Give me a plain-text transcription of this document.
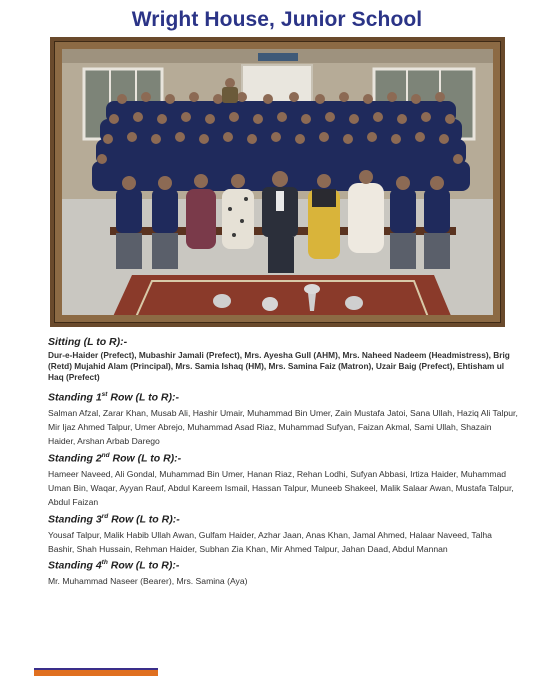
Wright House, Junior School

Sitting (L to R):-

Dur-e-Haider (Prefect), Mubashir Jamali (Prefect), Mrs. Ayesha Gull (AHM), Mrs. Naheed Nadeem (Headmistress), Brig (Retd) Mujahid Alam (Principal), Mrs. Samia Ishaq (HM), Mrs. Samina Faiz (Matron), Uzair Baig (Prefect), Ehtisham ul Haq (Prefect)

Standing 1st Row (L to R):-

Salman Afzal, Zarar Khan, Musab Ali, Hashir Umair, Muhammad Bin Umer, Zain Mustafa Jatoi, Sana Ullah, Haziq Ali Talpur, Mir Ijaz Ahmed Talpur, Umer Abrejo, Muhammad Asad Riaz, Muhammad Sufyan, Faizan Akmal, Sami Ullah, Shazain Haider, Arshan Arbab Darego

Standing 2nd Row (L to R):-

Hameer Naveed, Ali Gondal, Muhammad Bin Umer, Hanan Riaz, Rehan Lodhi, Sufyan Abbasi, Irtiza Haider, Muhammad Uman Bin, Waqar, Ayyan Rauf, Abdul Kareem Ismail, Hassan Talpur, Muneeb Shakeel, Malik Salaar Awan, Mustafa Talpur, Abdul Faizan

Standing 3rd Row (L to R):-

Yousaf Talpur, Malik Habib Ullah Awan, Gulfam Haider, Azhar Jaan, Anas Khan, Jamal Ahmed, Halaar Naveed, Talha Bashir, Shah Hussain, Rehman Haider, Subhan Zia Khan, Mir Ahmed Talpur, Jahan Daad, Abdul Mannan

Standing 4th Row (L to R):-

Mr. Muhammad Naseer (Bearer), Mrs. Samina (Aya)
